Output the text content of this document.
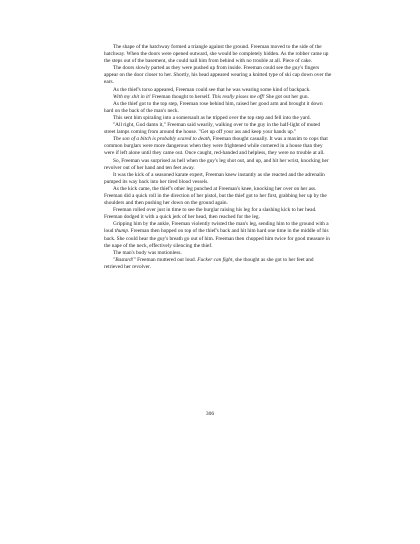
The shape of the hatchway formed a triangle against the ground. Freeman moved to the side of the hatchway. When the doors were opened outward, she would be completely hidden. As the robber came up the steps out of the basement, she could nail him from behind with no trouble at all. Piece of cake.

The doors slowly parted as they were pushed up from inside. Freeman could see the guy's fingers appear on the door closer to her. Shortly, his head appeared wearing a knitted type of ski cap down over the ears.

As the thief's torso appeared, Freeman could see that he was wearing some kind of backpack.

With my shit in it! Freeman thought to herself. This really pisses me off! She got out her gun.

As the thief got to the top step, Freeman rose behind him, raised her good arm and brought it down hard on the back of the man's neck.

This sent him spiraling into a somersault as he tripped over the top step and fell into the yard.

"All right, God damn it," Freeman said wearily, walking over to the guy in the half-light of muted street lamps coming from around the house. "Get up off your ass and keep your hands up."

The son of a bitch is probably scared to death, Freeman thought casually. It was a maxim to cops that common burglars were more dangerous when they were frightened while cornered in a house than they were if left alone until they came out. Once caught, red-handed and helpless, they were no trouble at all.

So, Freeman was surprised as hell when the guy's leg shot out, and up, and hit her wrist, knocking her revolver out of her hand and ten feet away.

It was the kick of a seasoned karate expert, Freeman knew instantly as she reacted and the adrenalin pumped its way back into her tired blood vessels.

As the kick came, the thief's other leg punched at Freeman's knee, knocking her over on her ass. Freeman did a quick roll in the direction of her pistol, but the thief got to her first, grabbing her up by the shoulders and then pushing her down on the ground again.

Freeman rolled over just in time to see the burglar raising his leg for a slashing kick to her head. Freeman dodged it with a quick jerk of her head, then reached for the leg.

Gripping him by the ankle, Freeman violently twisted the man's leg, sending him to the ground with a loud thump. Freeman then hopped on top of the thief's back and hit him hard one time in the middle of his back. She could hear the guy's breath go out of him. Freeman then chopped him twice for good measure in the nape of the neck, effectively silencing the thief.

The man's body was motionless.

"Bastard!" Freeman muttered out loud. Fucker can fight, she thought as she got to her feet and retrieved her revolver.

306
